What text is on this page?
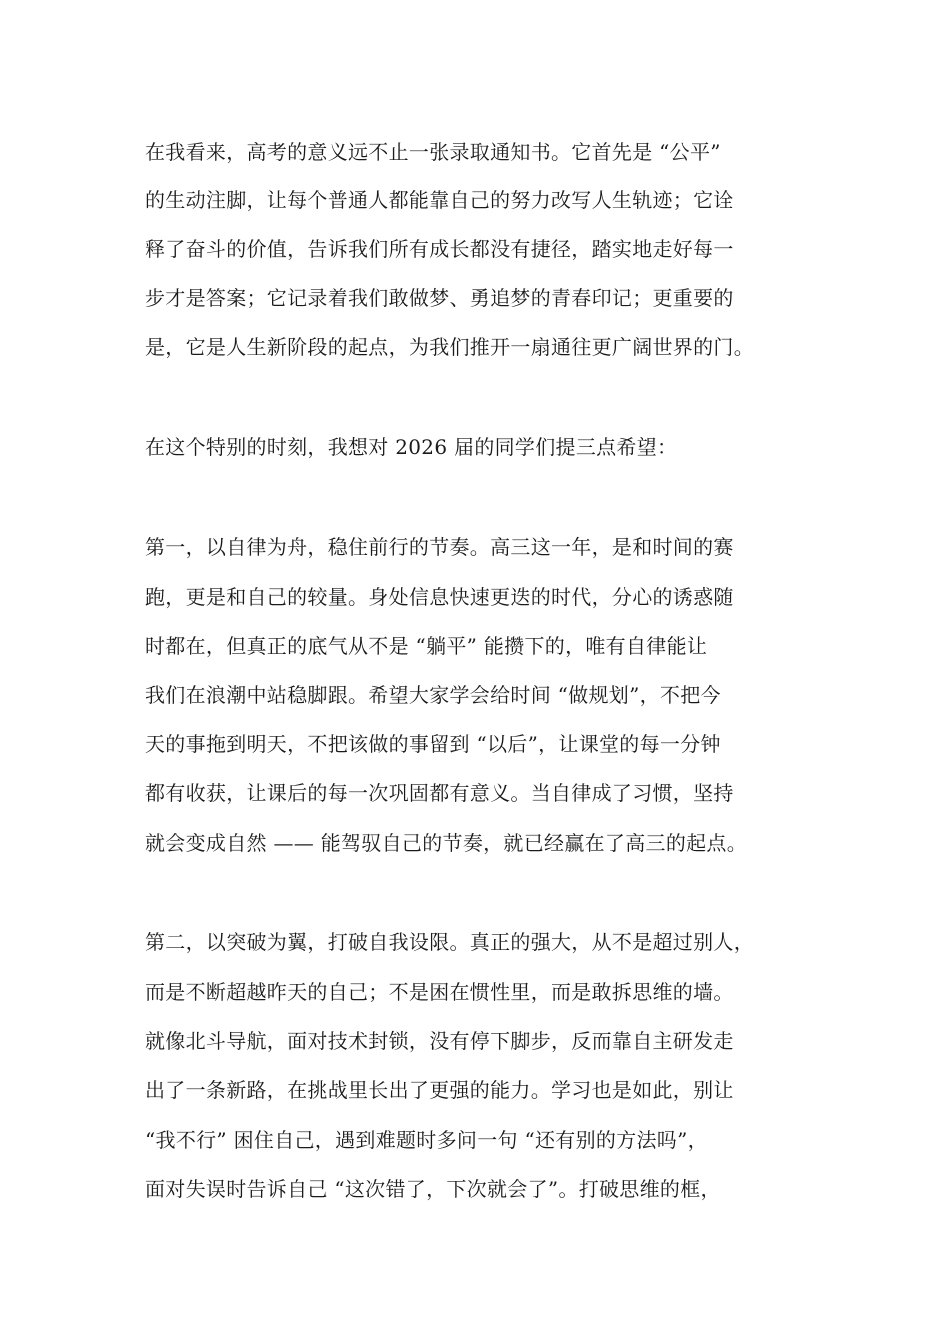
在我看来，高考的意义远不止一张录取通知书。它首先是 “公平”
的生动注脚，让每个普通人都能靠自己的努力改写人生轨迹；它诠
释了奋斗的价值，告诉我们所有成长都没有捷径，踏实地走好每一
步才是答案；它记录着我们敢做梦、勇追梦的青春印记；更重要的
是，它是人生新阶段的起点，为我们推开一扇通往更广阔世界的门。
在这个特别的时刻，我想对 2026 届的同学们提三点希望：
第一，以自律为舟，稳住前行的节奏。高三这一年，是和时间的赛
跑，更是和自己的较量。身处信息快速更迭的时代，分心的诱惑随
时都在，但真正的底气从不是 “躺平” 能攒下的，唯有自律能让
我们在浪潮中站稳脚跟。希望大家学会给时间 “做规划”，不把今
天的事拖到明天，不把该做的事留到 “以后”，让课堂的每一分钟
都有收获，让课后的每一次巩固都有意义。当自律成了习惯，坚持
就会变成自然 —— 能驾驭自己的节奏，就已经赢在了高三的起点。
第二，以突破为翼，打破自我设限。真正的强大，从不是超过别人，
而是不断超越昨天的自己；不是困在惯性里，而是敢拆思维的墙。
就像北斗导航，面对技术封锁，没有停下脚步，反而靠自主研发走
出了一条新路，在挑战里长出了更强的能力。学习也是如此，别让
“我不行” 困住自己，遇到难题时多问一句 “还有别的方法吗”，
面对失误时告诉自己 “这次错了，下次就会了”。打破思维的框，
